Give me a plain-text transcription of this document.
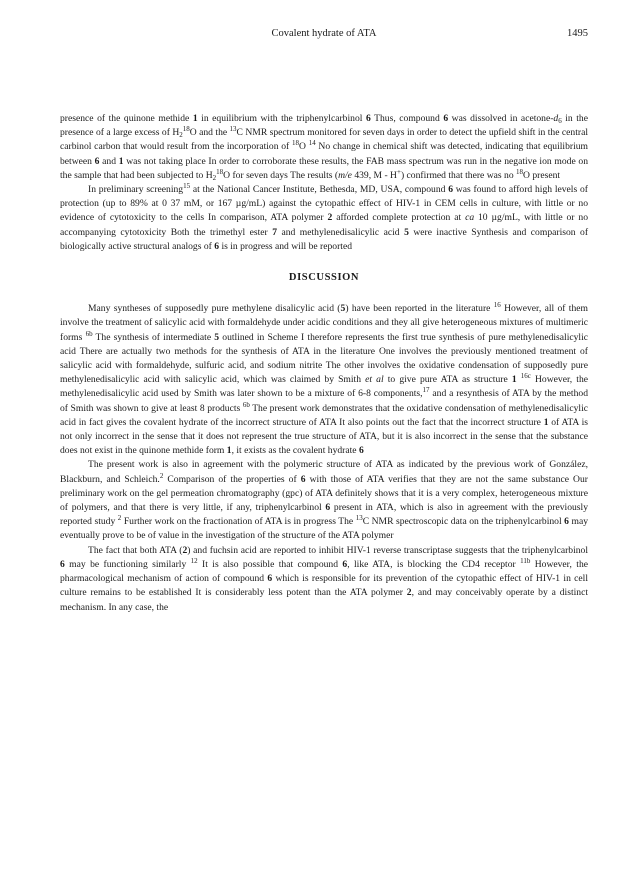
Covalent hydrate of ATA	1495

presence of the quinone methide 1 in equilibrium with the triphenylcarbinol 6 Thus, compound 6 was dissolved in acetone-$d_6$ in the presence of a large excess of $H_2^{18}O$ and the $^{13}$C NMR spectrum monitored for seven days in order to detect the upfield shift in the central carbinol carbon that would result from the incorporation of $^{18}$O $^{14}$ No change in chemical shift was detected, indicating that equilibrium between 6 and 1 was not taking place In order to corroborate these results, the FAB mass spectrum was run in the negative ion mode on the sample that had been subjected to $H_2^{18}O$ for seven days The results (m/e 439, M - H+) confirmed that there was no $^{18}$O present

In preliminary screening$^{15}$ at the National Cancer Institute, Bethesda, MD, USA, compound 6 was found to afford high levels of protection (up to 89% at 0 37 mM, or 167 µg/mL) against the cytopathic effect of HIV-1 in CEM cells in culture, with little or no evidence of cytotoxicity to the cells In comparison, ATA polymer 2 afforded complete protection at ca 10 µg/mL, with little or no accompanying cytotoxicity Both the trimethyl ester 7 and methylenedisalicylic acid 5 were inactive Synthesis and comparison of biologically active structural analogs of 6 is in progress and will be reported

DISCUSSION

Many syntheses of supposedly pure methylene disalicylic acid (5) have been reported in the literature $^{16}$ However, all of them involve the treatment of salicylic acid with formaldehyde under acidic conditions and they all give heterogeneous mixtures of multimeric forms $^{6b}$ The synthesis of intermediate 5 outlined in Scheme I therefore represents the first true synthesis of pure methylenedisalicylic acid There are actually two methods for the synthesis of ATA in the literature One involves the previously mentioned treatment of salicylic acid with formaldehyde, sulfuric acid, and sodium nitrite The other involves the oxidative condensation of supposedly pure methylenedisalicylic acid with salicylic acid, which was claimed by Smith et al to give pure ATA as structure 1 $^{16c}$ However, the methylenedisalicylic acid used by Smith was later shown to be a mixture of 6-8 components,$^{17}$ and a resynthesis of ATA by the method of Smith was shown to give at least 8 products $^{6b}$ The present work demonstrates that the oxidative condensation of methylenedisalicylic acid in fact gives the covalent hydrate of the incorrect structure of ATA It also points out the fact that the incorrect structure 1 of ATA is not only incorrect in the sense that it does not represent the true structure of ATA, but it is also incorrect in the sense that the substance does not exist in the quinone methide form 1, it exists as the covalent hydrate 6

The present work is also in agreement with the polymeric structure of ATA as indicated by the previous work of González, Blackburn, and Schleich.$^2$ Comparison of the properties of 6 with those of ATA verifies that they are not the same substance Our preliminary work on the gel permeation chromatography (gpc) of ATA definitely shows that it is a very complex, heterogeneous mixture of polymers, and that there is very little, if any, triphenylcarbinol 6 present in ATA, which is also in agreement with the previously reported study $^2$ Further work on the fractionation of ATA is in progress The $^{13}$C NMR spectroscopic data on the triphenylcarbinol 6 may eventually prove to be of value in the investigation of the structure of the ATA polymer

The fact that both ATA (2) and fuchsin acid are reported to inhibit HIV-1 reverse transcriptase suggests that the triphenylcarbinol 6 may be functioning similarly $^{12}$ It is also possible that compound 6, like ATA, is blocking the CD4 receptor $^{11b}$ However, the pharmacological mechanism of action of compound 6 which is responsible for its prevention of the cytopathic effect of HIV-1 in cell culture remains to be established It is considerably less potent than the ATA polymer 2, and may conceivably operate by a distinct mechanism. In any case, the
